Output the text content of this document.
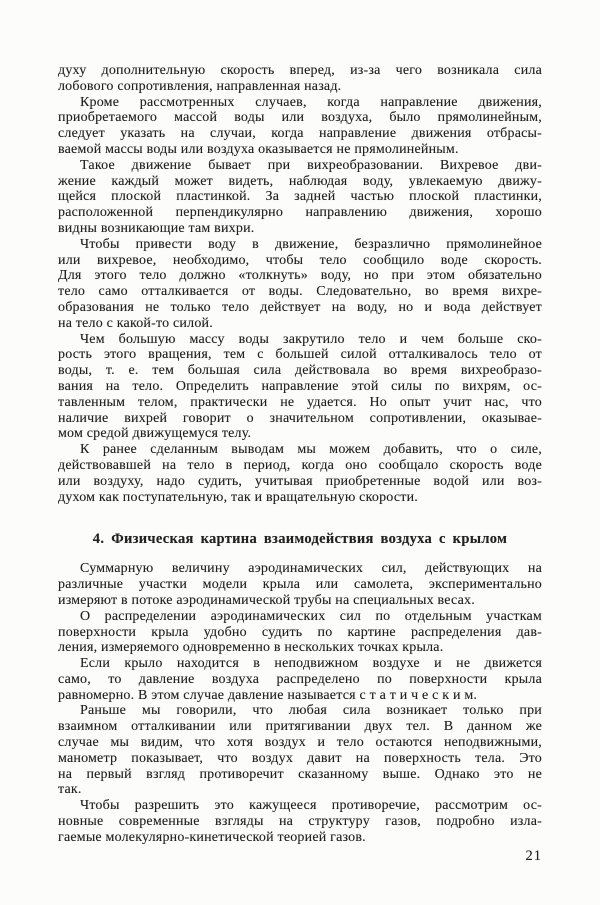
духу дополнительную скорость вперед, из-за чего возникала сила
лобового сопротивления, направленная назад.
Кроме рассмотренных случаев, когда направление движения,
приобретаемого массой воды или воздуха, было прямолинейным,
следует указать на случаи, когда направление движения отбрасы-
ваемой массы воды или воздуха оказывается не прямолинейным.
Такое движение бывает при вихреобразовании. Вихревое дви-
жение каждый может видеть, наблюдая воду, увлекаемую движу-
щейся плоской пластинкой. За задней частью плоской пластинки,
расположенной перпендикулярно направлению движения, хорошо
видны возникающие там вихри.
Чтобы привести воду в движение, безразлично прямолинейное
или вихревое, необходимо, чтобы тело сообщило воде скорость.
Для этого тело должно «толкнуть» воду, но при этом обязательно
тело само отталкивается от воды. Следовательно, во время вихре-
образования не только тело действует на воду, но и вода действует
на тело с какой-то силой.
Чем большую массу воды закрутило тело и чем больше ско-
рость этого вращения, тем с большей силой отталкивалось тело от
воды, т. е. тем большая сила действовала во время вихреобразо-
вания на тело. Определить направление этой силы по вихрям, ос-
тавленным телом, практически не удается. Но опыт учит нас, что
наличие вихрей говорит о значительном сопротивлении, оказывае-
мом средой движущемуся телу.
К ранее сделанным выводам мы можем добавить, что о силе,
действовавшей на тело в период, когда оно сообщало скорость воде
или воздуху, надо судить, учитывая приобретенные водой или воз-
духом как поступательную, так и вращательную скорости.
4. Физическая картина взаимодействия воздуха с крылом
Суммарную величину аэродинамических сил, действующих на
различные участки модели крыла или самолета, экспериментально
измеряют в потоке аэродинамической трубы на специальных весах.
О распределении аэродинамических сил по отдельным участкам
поверхности крыла удобно судить по картине распределения дав-
ления, измеряемого одновременно в нескольких точках крыла.
Если крыло находится в неподвижном воздухе и не движется
само, то давление воздуха распределено по поверхности крыла
равномерно. В этом случае давление называется с т а т и ч е с к и м.
Раньше мы говорили, что любая сила возникает только при
взаимном отталкивании или притягивании двух тел. В данном же
случае мы видим, что хотя воздух и тело остаются неподвижными,
манометр показывает, что воздух давит на поверхность тела. Это
на первый взгляд противоречит сказанному выше. Однако это не
так.
Чтобы разрешить это кажущееся противоречие, рассмотрим ос-
новные современные взгляды на структуру газов, подробно изла-
гаемые молекулярно-кинетической теорией газов.
21
